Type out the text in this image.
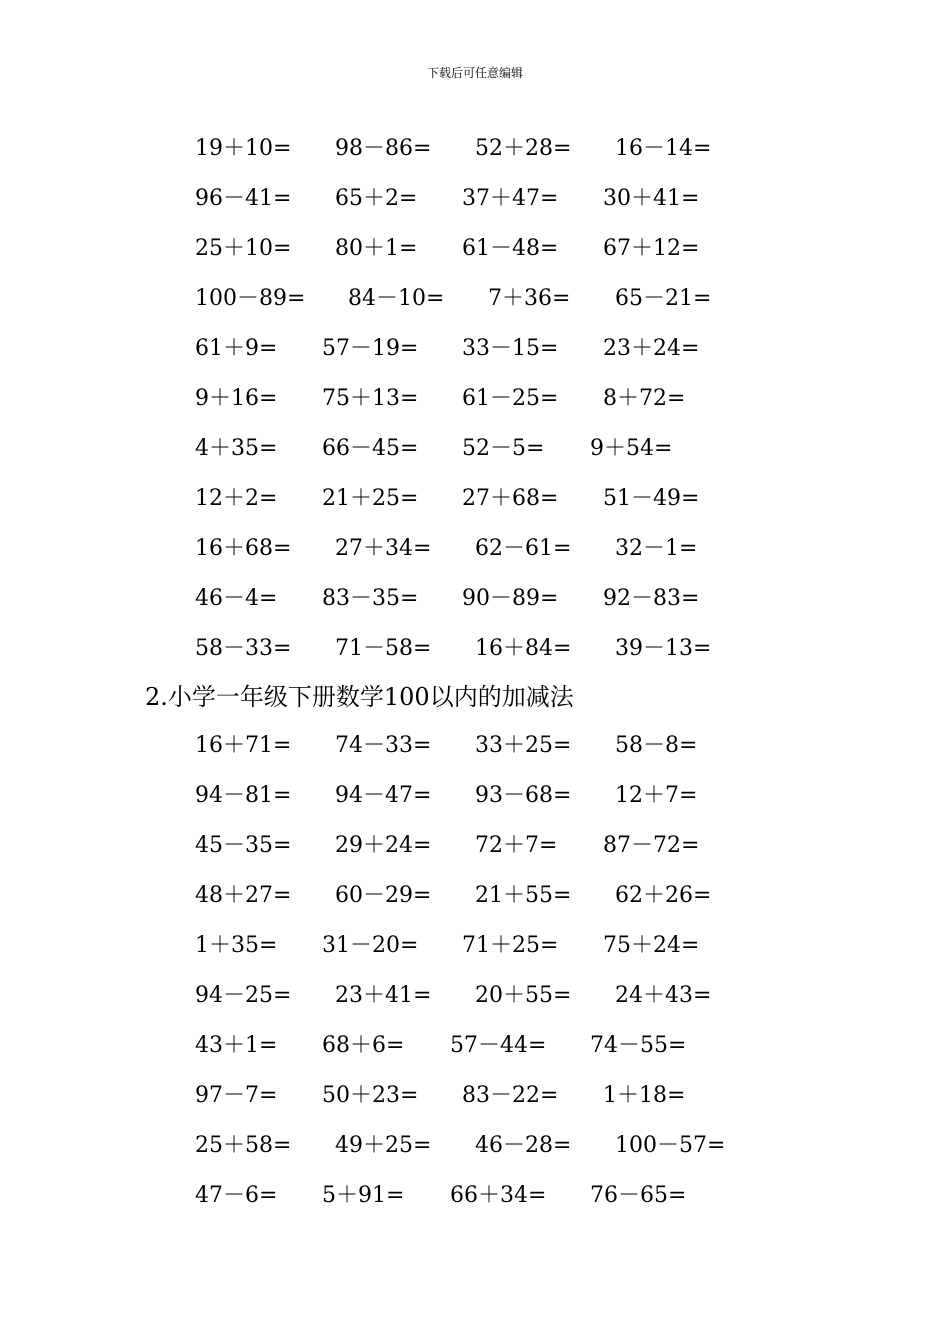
下载后可任意编辑
19＋10= 98－86= 52＋28= 16－14=
96－41= 65＋2= 37＋47= 30＋41=
25＋10= 80＋1= 61－48= 67＋12=
100－89= 84－10= 7＋36= 65－21=
61＋9= 57－19= 33－15= 23＋24=
9＋16= 75＋13= 61－25= 8＋72=
4＋35= 66－45= 52－5= 9＋54=
12＋2= 21＋25= 27＋68= 51－49=
16＋68= 27＋34= 62－61= 32－1=
46－4= 83－35= 90－89= 92－83=
58－33= 71－58= 16＋84= 39－13=
2.小学一年级下册数学100以内的加减法
16＋71= 74－33= 33＋25= 58－8=
94－81= 94－47= 93－68= 12＋7=
45－35= 29＋24= 72＋7= 87－72=
48＋27= 60－29= 21＋55= 62＋26=
1＋35= 31－20= 71＋25= 75＋24=
94－25= 23＋41= 20＋55= 24＋43=
43＋1= 68＋6= 57－44= 74－55=
97－7= 50＋23= 83－22= 1＋18=
25＋58= 49＋25= 46－28= 100－57=
47－6= 5＋91= 66＋34= 76－65=
